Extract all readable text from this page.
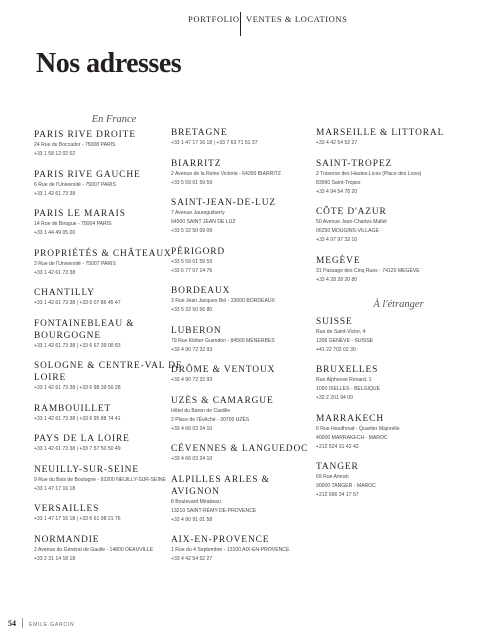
PORTFOLIO VENTES & LOCATIONS
Nos adresses
En France
PARIS RIVE DROITE
24 Rue du Boccador - 75008 PARIS
+33 1 58 12 02 02
PARIS RIVE GAUCHE
6 Rue de l'Université - 75007 PARIS
+33 1 42 61 73 38
PARIS LE MARAIS
14 Rue de Birague - 75004 PARIS
+33 1 44 49 05 00
PROPRIÉTÉS & CHÂTEAUX
3 Rue de l'Université - 75007 PARIS
+33 1 42 61 73 38
CHANTILLY
+33 1 42 61 73 38 | +33 6 07 86 45 47
FONTAINEBLEAU & BOURGOGNE
+33 1 42 61 73 38 | +33 6 67 39 00 83
SOLOGNE & CENTRE-VAL DE LOIRE
+33 1 42 61 73 38 | +33 6 98 39 50 28
RAMBOUILLET
+33 1 42 61 73 38 | +33 6 95 88 74 41
PAYS DE LA LOIRE
+33 1 42 61 73 38 | +33 7 57 50 50 49
NEUILLY-SUR-SEINE
9 Rue du Bois de Boulogne - 92200 NEUILLY-SUR-SEINE
+33 1 47 17 16 18
VERSAILLES
+33 1 47 17 16 18 | +33 6 61 98 21 76
NORMANDIE
2 Avenue du Général de Gaulle - 14800 DEAUVILLE
+33 2 31 14 18 18
BRETAGNE
+33 1 47 17 16 18 | +33 7 63 71 51 37
BIARRITZ
2 Avenue de la Reine Victoria - 64200 BIARRITZ
+33 5 59 01 59 59
SAINT-JEAN-DE-LUZ
7 Avenue Jaureguiberry
64500 SAINT JEAN DE LUZ
+33 5 32 50 09 09
PÉRIGORD
+33 5 59 01 59 59
+33 6 77 07 14 76
BORDEAUX
3 Rue Jean Jacques Bel - 33000 BORDEAUX
+33 5 32 50 56 80
LUBERON
79 Rue Kléber Guendon - 84560 MÉNERBES
+33 4 90 72 32 93
DRÔME & VENTOUX
+33 4 90 72 32 93
UZÈS & CAMARGUE
Hôtel du Baron de Castille
2 Place de l'Évêché - 30700 UZÈS
+33 4 66 03 24 10
CÉVENNES & LANGUEDOC
+33 4 66 03 24 10
ALPILLES ARLES & AVIGNON
8 Boulevard Mirabeau
13210 SAINT-RÉMY-DE-PROVENCE
+33 4 90 91 01 58
AIX-EN-PROVENCE
1 Rue du 4 Septembre - 13100 AIX-EN-PROVENCE
+33 4 42 54 52 27
MARSEILLE & LITTORAL
+33 4 42 54 52 27
SAINT-TROPEZ
2 Traverse des Hautes-Lices (Place des Lices)
83990 Saint-Tropez
+33 4 94 54 78 20
CÔTE D'AZUR
50 Avenue Jean-Charles Mallet
06250 MOUGINS-VILLAGE
+33 4 97 97 32 10
MEGÈVE
31 Passage des Cinq Rues - 74120 MEGÈVE
+33 4 28 28 20 80
À l'étranger
SUISSE
Rue de Saint-Victor, 4
1206 GENÈVE - SUISSE
+41 22 702 02 30
BRUXELLES
Rue Alphonse Renard, 1
1050 IXELLES - BELGIQUE
+32 2 201 94 00
MARRAKECH
6 Rue Houdhoud - Quartier Majorelle
40000 MARRAKECH - MAROC
+212 524 31 42 42
TANGER
69 Rue Amrah
90000 TANGER - MAROC
+212 666 34 17 57
54	EMILE GARCIN
